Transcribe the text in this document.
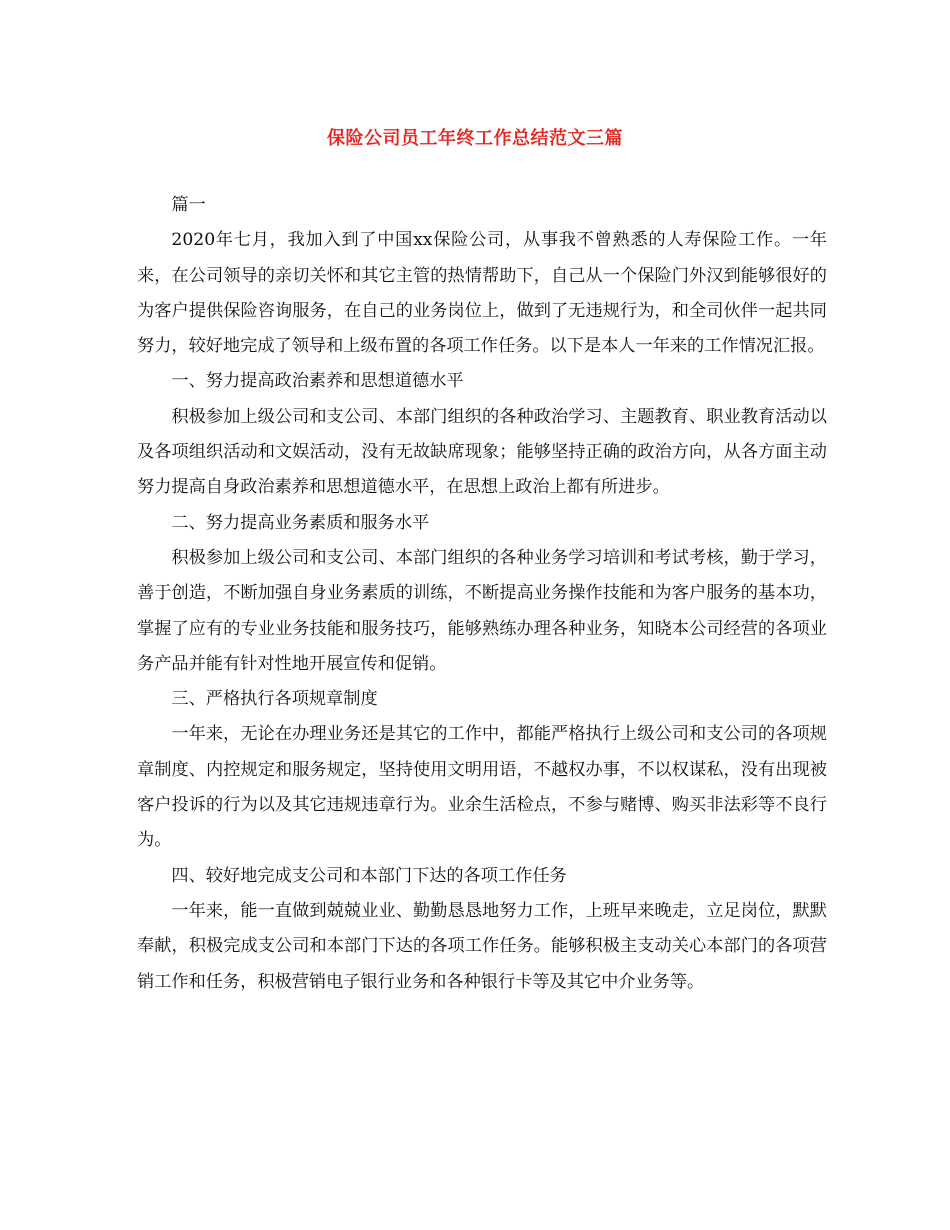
保险公司员工年终工作总结范文三篇

篇一

2020年七月，我加入到了中国xx保险公司，从事我不曾熟悉的人寿保险工作。一年来，在公司领导的亲切关怀和其它主管的热情帮助下，自己从一个保险门外汉到能够很好的为客户提供保险咨询服务，在自己的业务岗位上，做到了无违规行为，和全司伙伴一起共同努力，较好地完成了领导和上级布置的各项工作任务。以下是本人一年来的工作情况汇报。

一、努力提高政治素养和思想道德水平

积极参加上级公司和支公司、本部门组织的各种政治学习、主题教育、职业教育活动以及各项组织活动和文娱活动，没有无故缺席现象；能够坚持正确的政治方向，从各方面主动努力提高自身政治素养和思想道德水平，在思想上政治上都有所进步。

二、努力提高业务素质和服务水平

积极参加上级公司和支公司、本部门组织的各种业务学习培训和考试考核，勤于学习，善于创造，不断加强自身业务素质的训练，不断提高业务操作技能和为客户服务的基本功，掌握了应有的专业业务技能和服务技巧，能够熟练办理各种业务，知晓本公司经营的各项业务产品并能有针对性地开展宣传和促销。

三、严格执行各项规章制度

一年来，无论在办理业务还是其它的工作中，都能严格执行上级公司和支公司的各项规章制度、内控规定和服务规定，坚持使用文明用语，不越权办事，不以权谋私，没有出现被客户投诉的行为以及其它违规违章行为。业余生活检点，不参与赌博、购买非法彩等不良行为。

四、较好地完成支公司和本部门下达的各项工作任务

一年来，能一直做到兢兢业业、勤勤恳恳地努力工作，上班早来晚走，立足岗位，默默奉献，积极完成支公司和本部门下达的各项工作任务。能够积极主支动关心本部门的各项营销工作和任务，积极营销电子银行业务和各种银行卡等及其它中介业务等。
